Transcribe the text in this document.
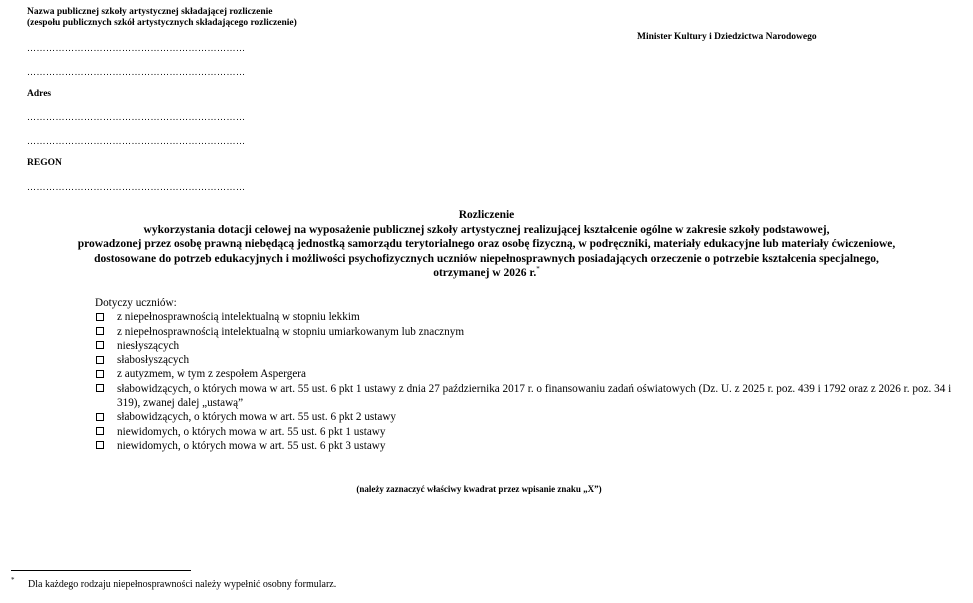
Nazwa publicznej szkoły artystycznej składającej rozliczenie
(zespołu publicznych szkół artystycznych składającego rozliczenie)
……………………………………………………………
……………………………………………………………
Adres
……………………………………………………………
……………………………………………………………
REGON
……………………………………………………………
Minister Kultury i Dziedzictwa Narodowego
Rozliczenie
wykorzystania dotacji celowej na wyposażenie publicznej szkoły artystycznej realizującej kształcenie ogólne w zakresie szkoły podstawowej,
prowadzonej przez osobę prawną niebędącą jednostką samorządu terytorialnego oraz osobę fizyczną, w podręczniki, materiały edukacyjne lub materiały ćwiczeniowe,
dostosowane do potrzeb edukacyjnych i możliwości psychofizycznych uczniów niepełnosprawnych posiadających orzeczenie o potrzebie kształcenia specjalnego,
otrzymanej w 2026 r.*
Dotyczy uczniów:
z niepełnosprawnością intelektualną w stopniu lekkim
z niepełnosprawnością intelektualną w stopniu umiarkowanym lub znacznym
niesłyszących
słabosłyszących
z autyzmem, w tym z zespołem Aspergera
słabowidzących, o których mowa w art. 55 ust. 6 pkt 1 ustawy z dnia 27 października 2017 r. o finansowaniu zadań oświatowych (Dz. U. z 2025 r. poz. 439 i 1792 oraz z 2026 r. poz. 34 i 319), zwanej dalej „ustawą”
słabowidzących, o których mowa w art. 55 ust. 6 pkt 2 ustawy
niewidomych, o których mowa w art. 55 ust. 6 pkt 1 ustawy
niewidomych, o których mowa w art. 55 ust. 6 pkt 3 ustawy
(należy zaznaczyć właściwy kwadrat przez wpisanie znaku „X”)
* Dla każdego rodzaju niepełnosprawności należy wypełnić osobny formularz.
